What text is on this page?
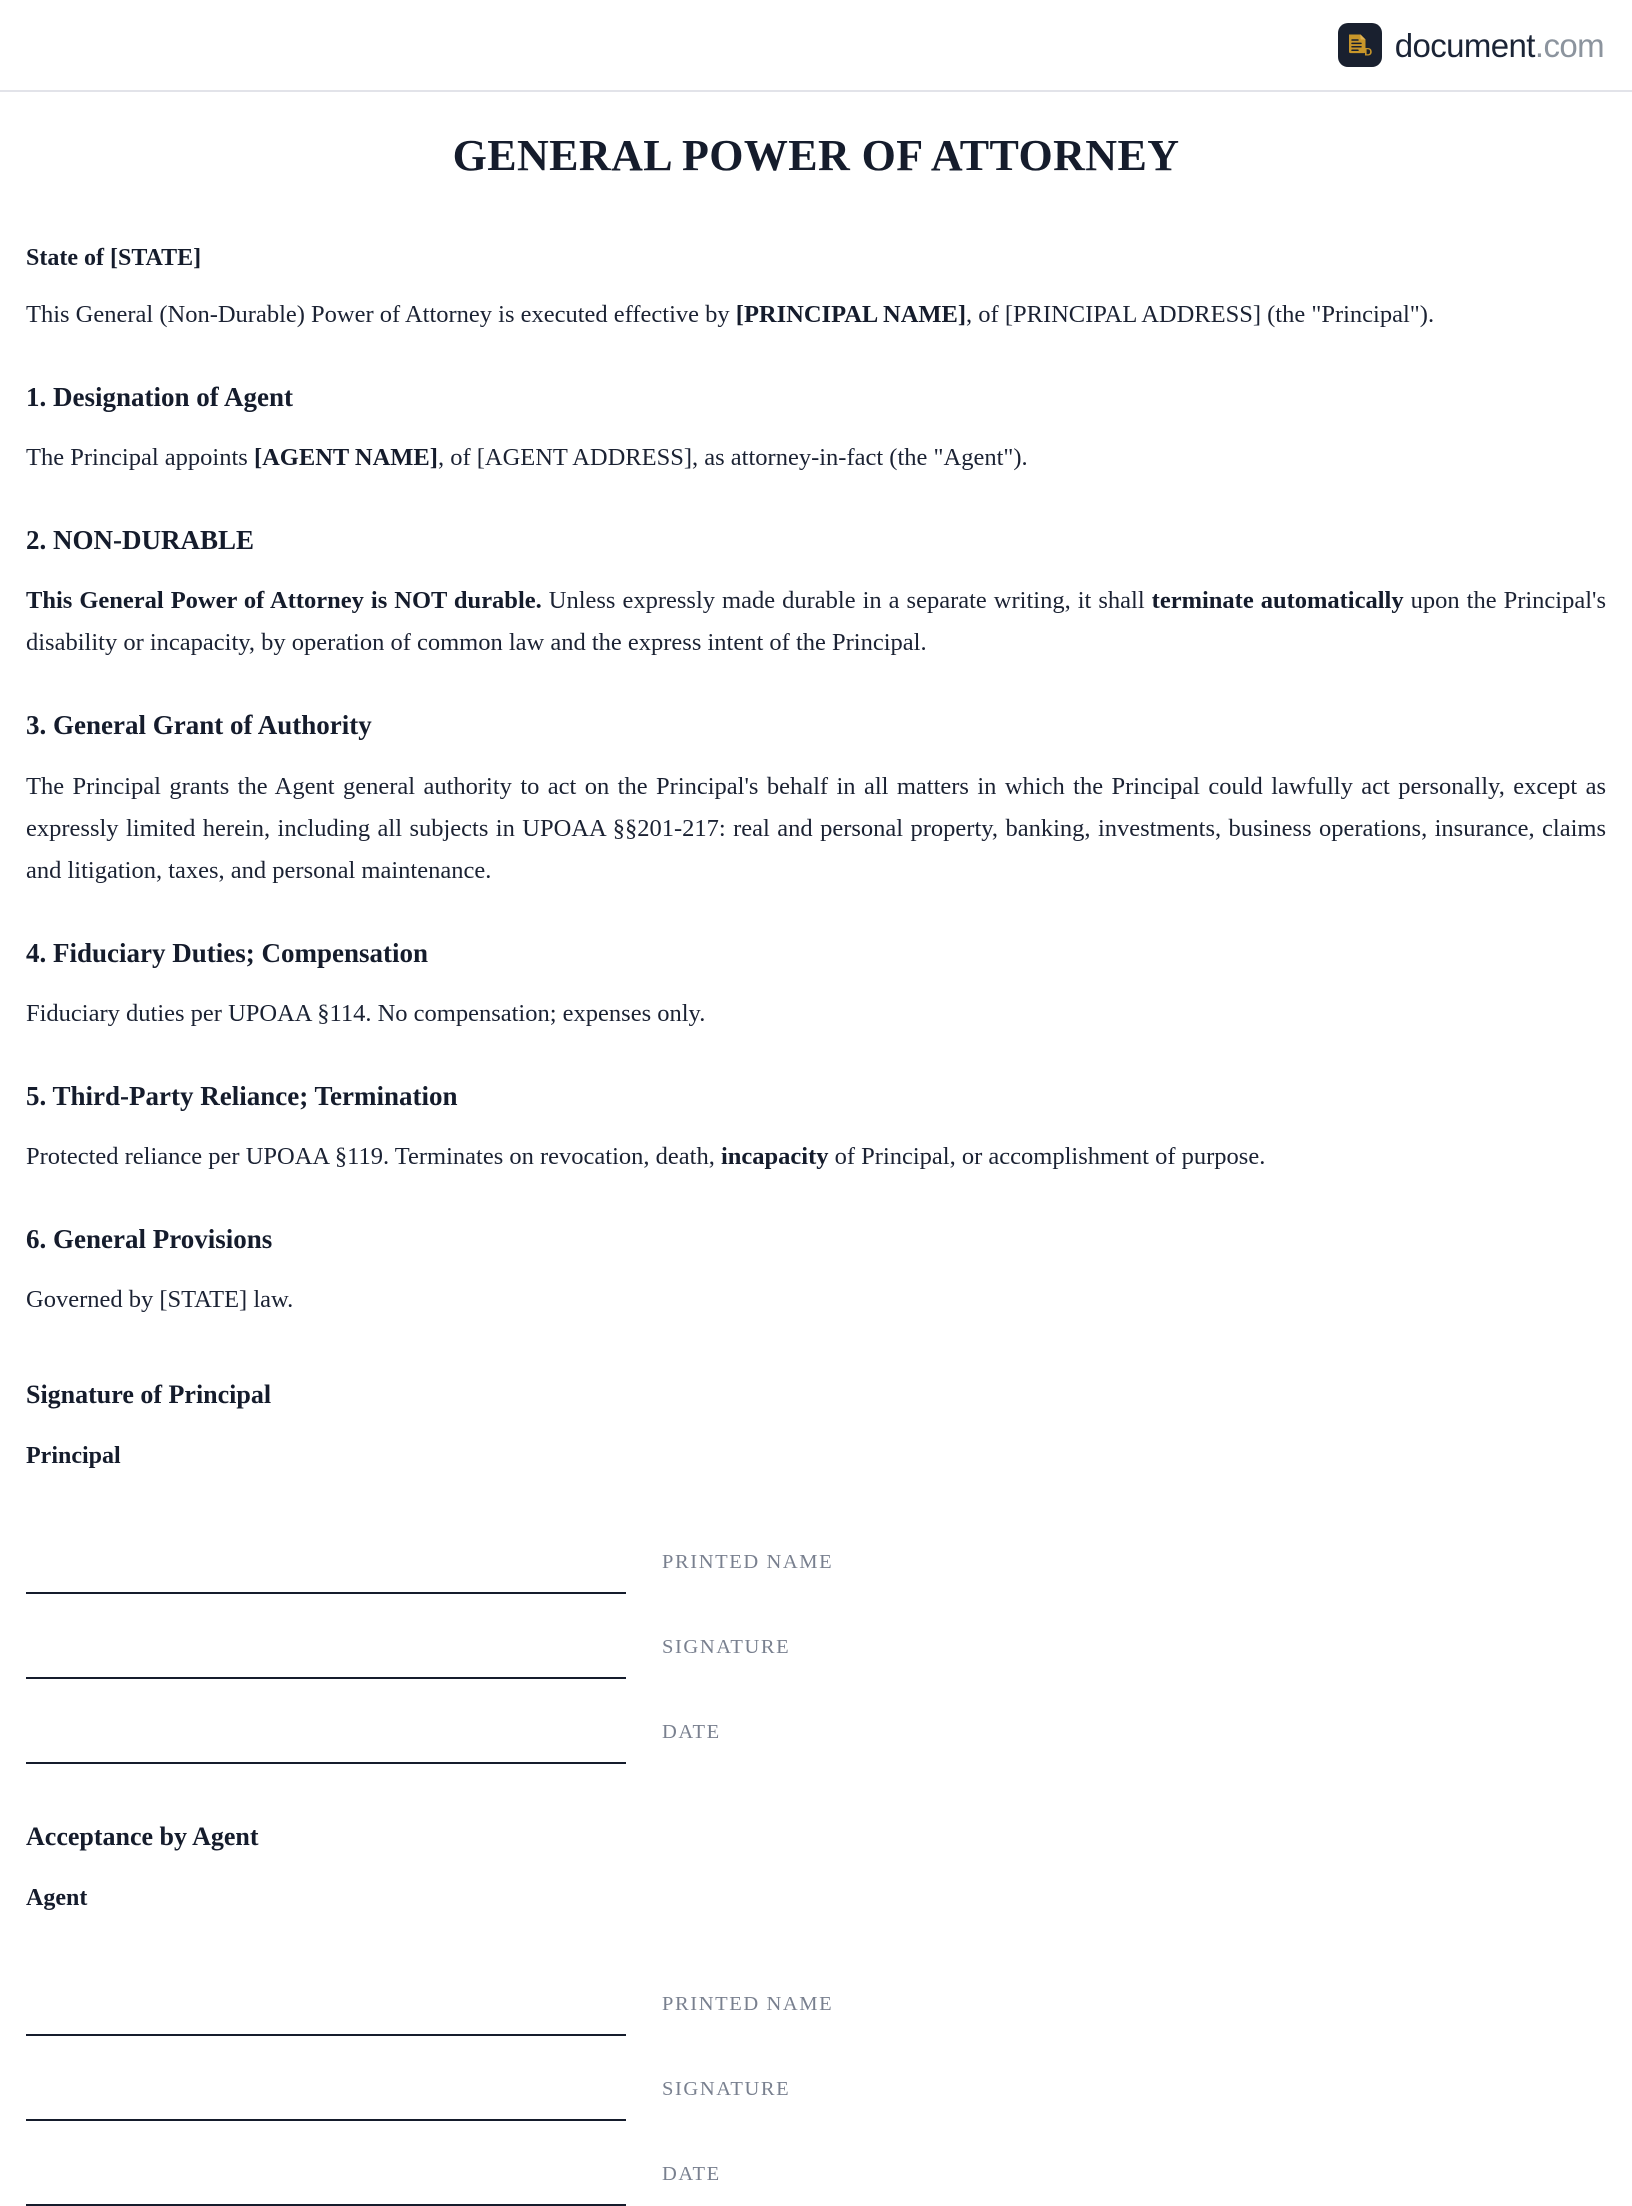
D document.com
GENERAL POWER OF ATTORNEY
State of [STATE]

This General (Non-Durable) Power of Attorney is executed effective by [PRINCIPAL NAME], of [PRINCIPAL ADDRESS] (the "Principal").

1. Designation of Agent

The Principal appoints [AGENT NAME], of [AGENT ADDRESS], as attorney-in-fact (the "Agent").

2. NON-DURABLE

This General Power of Attorney is NOT durable. Unless expressly made durable in a separate writing, it shall terminate automatically upon the Principal's disability or incapacity, by operation of common law and the express intent of the Principal.

3. General Grant of Authority

The Principal grants the Agent general authority to act on the Principal's behalf in all matters in which the Principal could lawfully act personally, except as expressly limited herein, including all subjects in UPOAA §§201-217: real and personal property, banking, investments, business operations, insurance, claims and litigation, taxes, and personal maintenance.

4. Fiduciary Duties; Compensation

Fiduciary duties per UPOAA §114. No compensation; expenses only.

5. Third-Party Reliance; Termination

Protected reliance per UPOAA §119. Terminates on revocation, death, incapacity of Principal, or accomplishment of purpose.

6. General Provisions

Governed by [STATE] law.

Signature of Principal
Principal
PRINTED NAME
SIGNATURE
DATE
Acceptance by Agent
Agent
PRINTED NAME
SIGNATURE
DATE
